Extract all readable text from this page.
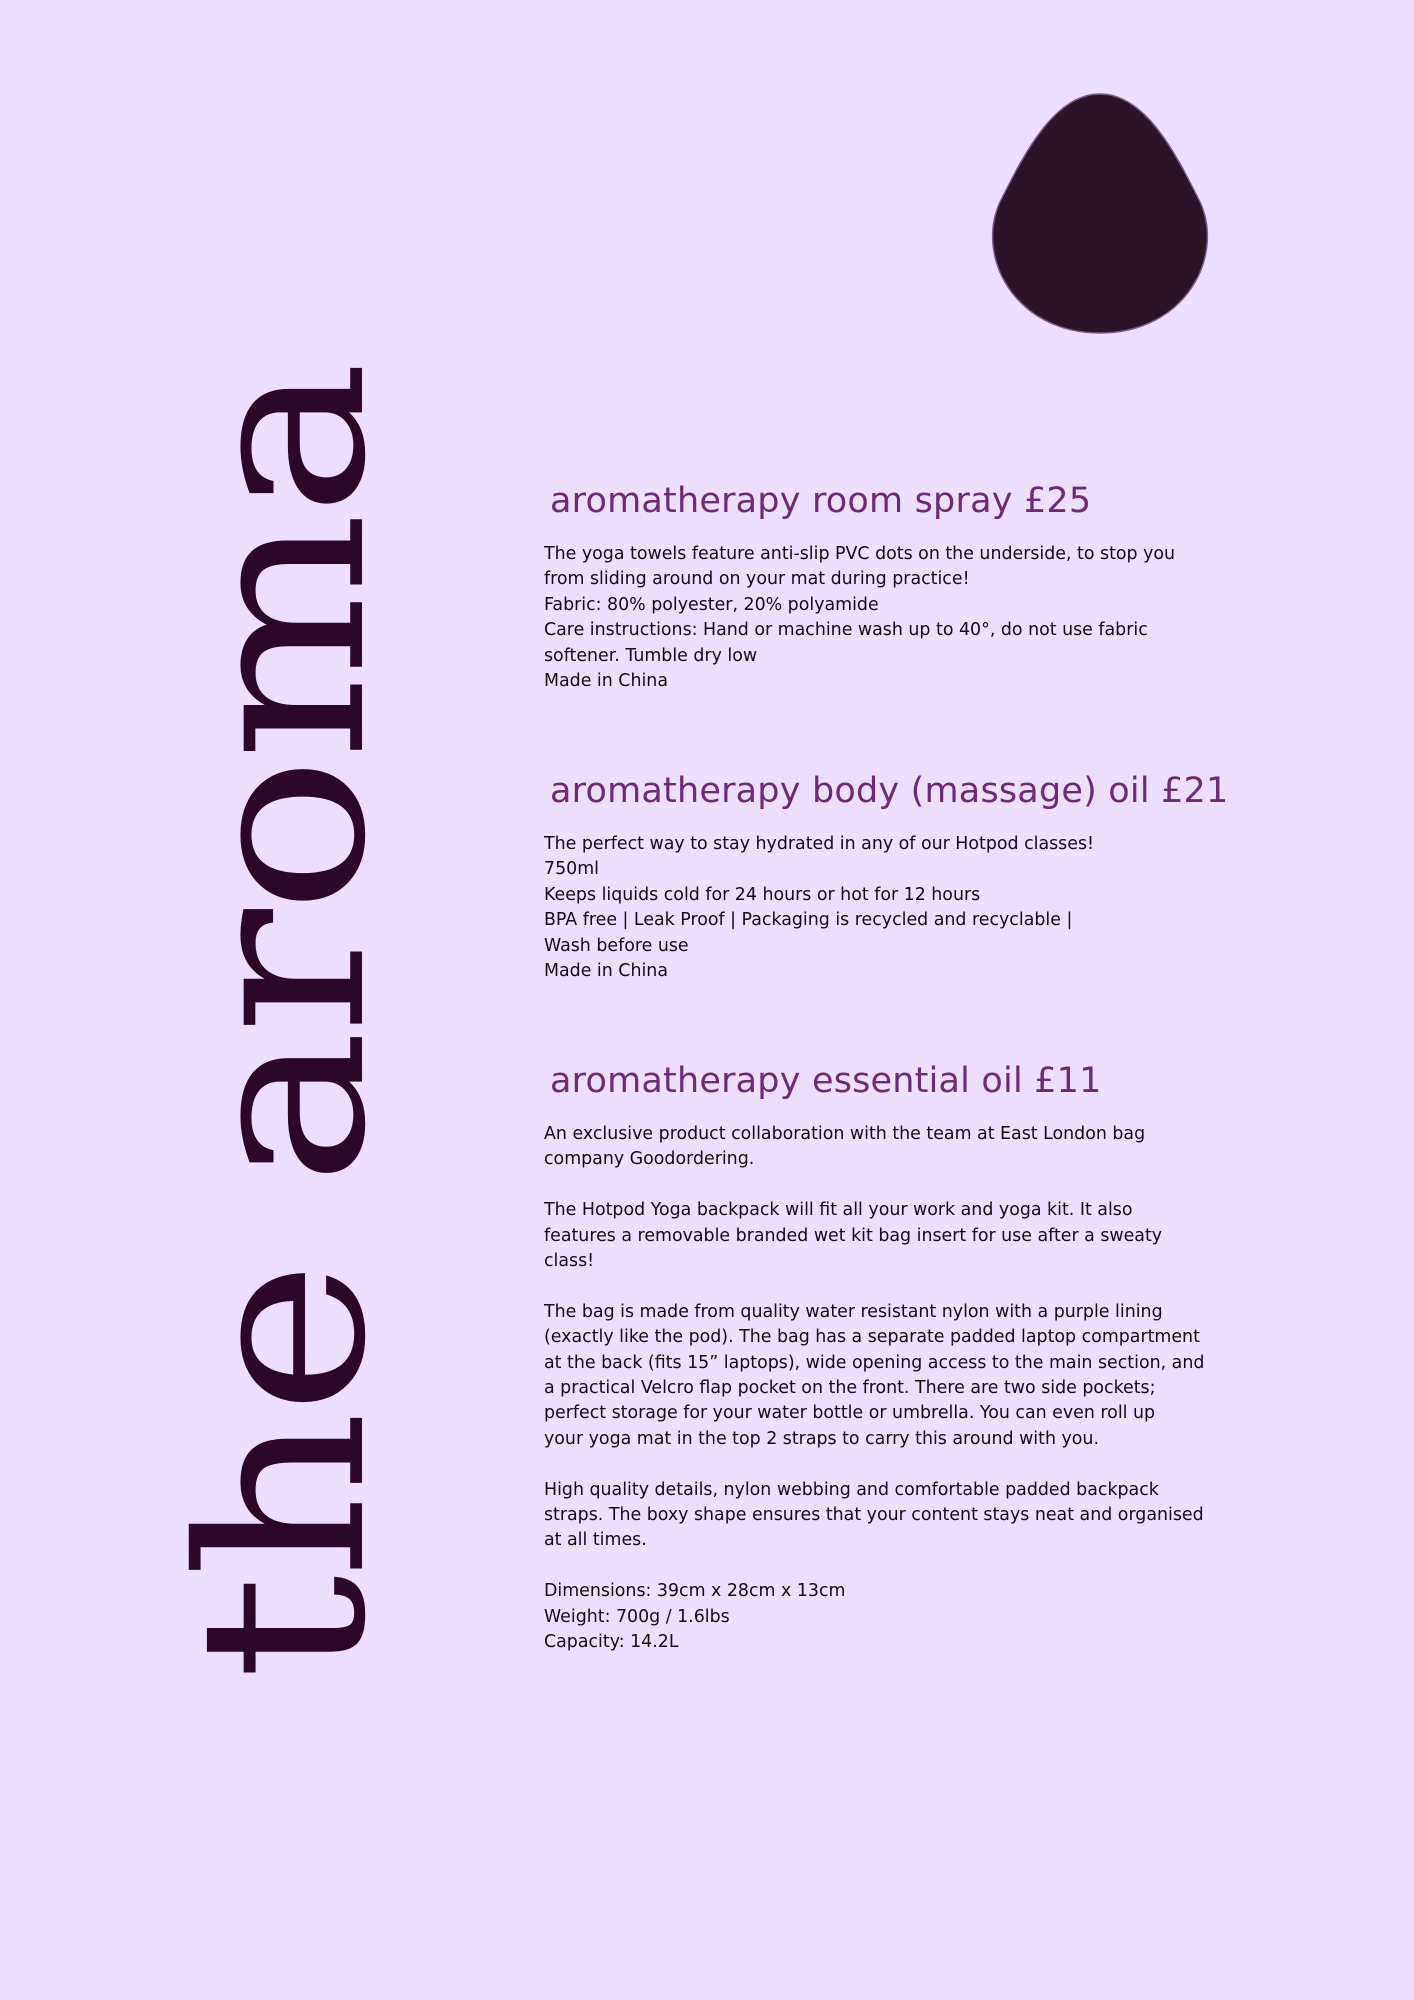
the aroma
aromatherapy room spray £25
The yoga towels feature anti-slip PVC dots on the underside, to stop you
from sliding around on your mat during practice!
Fabric: 80% polyester, 20% polyamide
Care instructions: Hand or machine wash up to 40°, do not use fabric
softener. Tumble dry low
Made in China
aromatherapy body (massage) oil £21
The perfect way to stay hydrated in any of our Hotpod classes!
750ml
Keeps liquids cold for 24 hours or hot for 12 hours
BPA free | Leak Proof | Packaging is recycled and recyclable |
Wash before use
Made in China
aromatherapy essential oil £11
An exclusive product collaboration with the team at East London bag
company Goodordering.
The Hotpod Yoga backpack will fit all your work and yoga kit. It also
features a removable branded wet kit bag insert for use after a sweaty
class!
The bag is made from quality water resistant nylon with a purple lining
(exactly like the pod). The bag has a separate padded laptop compartment
at the back (fits 15” laptops), wide opening access to the main section, and
a practical Velcro flap pocket on the front. There are two side pockets;
perfect storage for your water bottle or umbrella. You can even roll up
your yoga mat in the top 2 straps to carry this around with you.
High quality details, nylon webbing and comfortable padded backpack
straps. The boxy shape ensures that your content stays neat and organised
at all times.
Dimensions: 39cm x 28cm x 13cm
Weight: 700g / 1.6lbs
Capacity: 14.2L
